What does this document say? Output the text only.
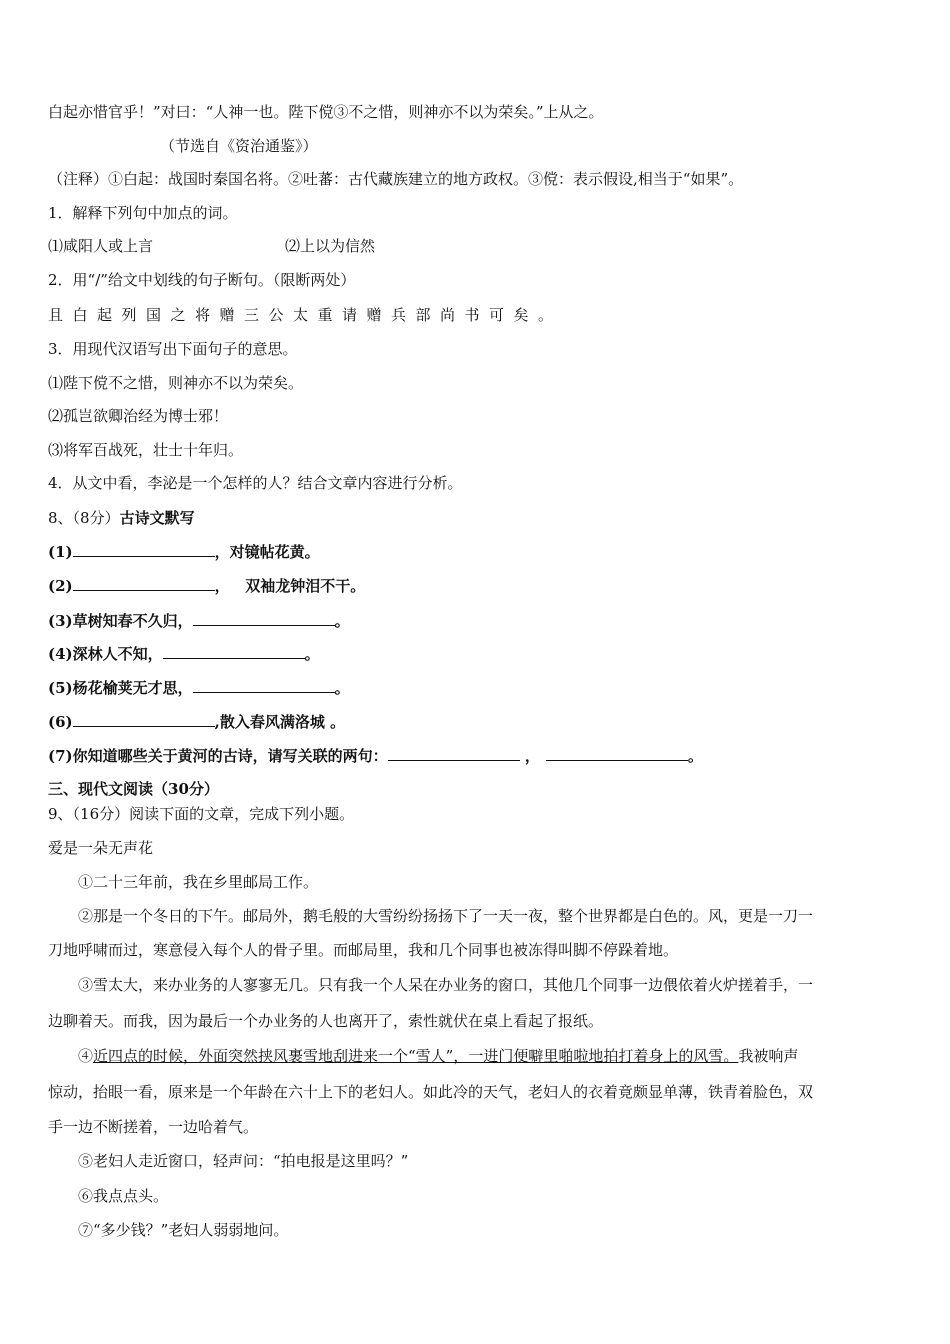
白起亦惜官乎！”对曰：“人神一也。陛下傥③不之惜，则神亦不以为荣矣。”上从之。
（节选自《资治通鉴》）
（注释）①白起：战国时秦国名将。②吐蕃：古代藏族建立的地方政权。③傥：表示假设,相当于“如果”。
1．解释下列句中加点的词。
⑴咸阳人或上言	⑵上以为信然
2．用“/”给文中划线的句子断句。（限断两处）
且白起列国之将赠三公太重请赠兵部尚书可矣。
3．用现代汉语写出下面句子的意思。
⑴陛下傥不之惜，则神亦不以为荣矣。
⑵孤岂欲卿治经为博士邪！
⑶将军百战死，壮士十年归。
4．从文中看，李泌是一个怎样的人？结合文章内容进行分析。
8、（8分）古诗文默写
(1)	，对镜帖花黄。
(2)	，   双袖龙钟泪不干。
(3)草树知春不久归，	。
(4)深林人不知，	。
(5)杨花榆荚无才思，	。
(6)	,散入春风满洛城 。
(7)你知道哪些关于黄河的古诗，请写关联的两句：	，	。
三、现代文阅读（30分）
9、（16分）阅读下面的文章，完成下列小题。
爱是一朵无声花
①二十三年前，我在乡里邮局工作。
②那是一个冬日的下午。邮局外，鹅毛般的大雪纷纷扬扬下了一天一夜，整个世界都是白色的。风，更是一刀一
刀地呼啸而过，寒意侵入每个人的骨子里。而邮局里，我和几个同事也被冻得叫脚不停跺着地。
③雪太大，来办业务的人寥寥无几。只有我一个人呆在办业务的窗口，其他几个同事一边偎依着火炉搓着手，一
边聊着天。而我，因为最后一个办业务的人也离开了，索性就伏在桌上看起了报纸。
④近四点的时候，外面突然挟风裹雪地刮进来一个“雪人”，一进门便噼里啪啦地拍打着身上的风雪。我被响声
惊动，抬眼一看，原来是一个年龄在六十上下的老妇人。如此冷的天气，老妇人的衣着竟颇显单薄，铁青着脸色，双
手一边不断搓着，一边哈着气。
⑤老妇人走近窗口，轻声问：“拍电报是这里吗？”
⑥我点点头。
⑦“多少钱？”老妇人弱弱地问。
